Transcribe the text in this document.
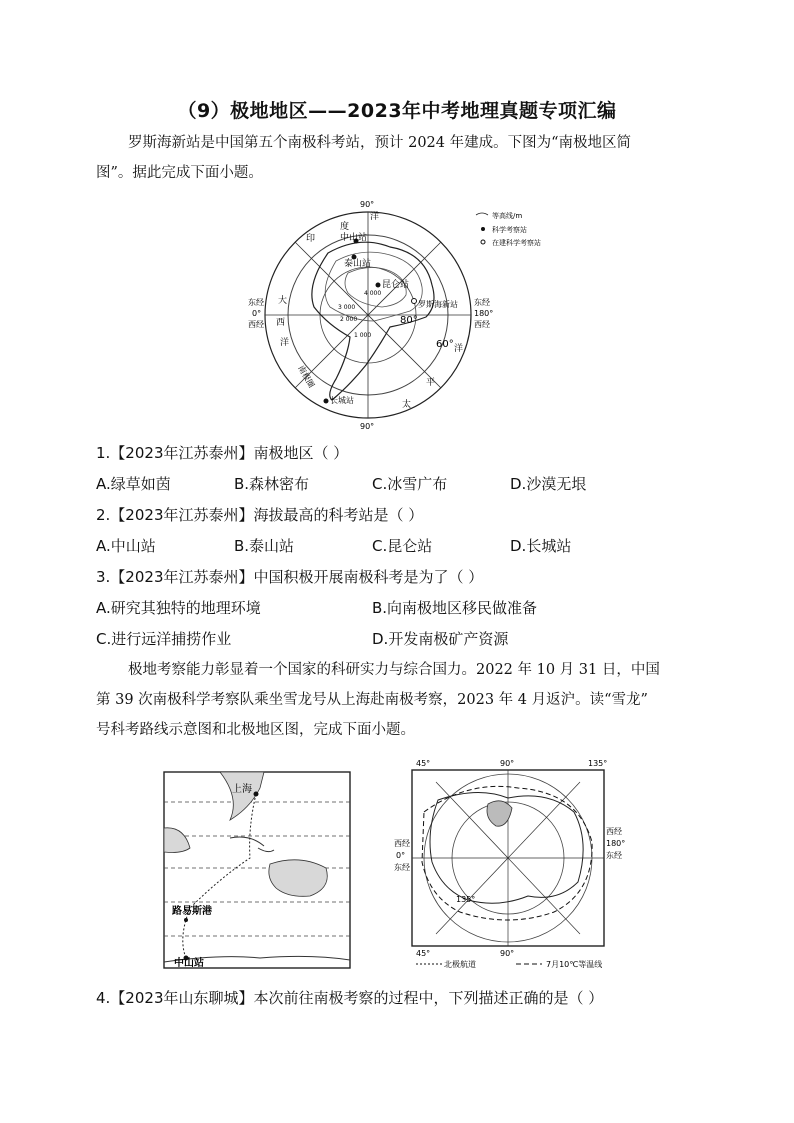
（9）极地地区——2023年中考地理真题专项汇编
罗斯海新站是中国第五个南极科考站，预计 2024 年建成。下图为“南极地区简
图”。据此完成下面小题。
90°
90°
东经
0°
西经
东经
180°
西经
印
度
洋
大
西
洋
太
平
洋
中山站
泰山站
昆仑站
罗斯海新站
长城站
南极圈
4 000
3 000
2 000
1 000
80°
60°
等高线/m
科学考察站
在建科学考察站
1.【2023年江苏泰州】南极地区（ ）
A.绿草如茵	B.森林密布	C.冰雪广布	D.沙漠无垠
2.【2023年江苏泰州】海拔最高的科考站是（ ）
A.中山站	B.泰山站	C.昆仑站	D.长城站
3.【2023年江苏泰州】中国积极开展南极科考是为了（ ）
A.研究其独特的地理环境	B.向南极地区移民做准备
C.进行远洋捕捞作业	D.开发南极矿产资源
极地考察能力彰显着一个国家的科研实力与综合国力。2022 年 10 月 31 日，中国
第 39 次南极科学考察队乘坐雪龙号从上海赴南极考察，2023 年 4 月返沪。读“雪龙”
号科考路线示意图和北极地区图，完成下面小题。
上海
路易斯港
中山站
45°	90°	135°
45°	90°
135°
西经
0°
东经
西经
180°
东经
北极航道	7月10℃等温线
4.【2023年山东聊城】本次前往南极考察的过程中，下列描述正确的是（ ）
